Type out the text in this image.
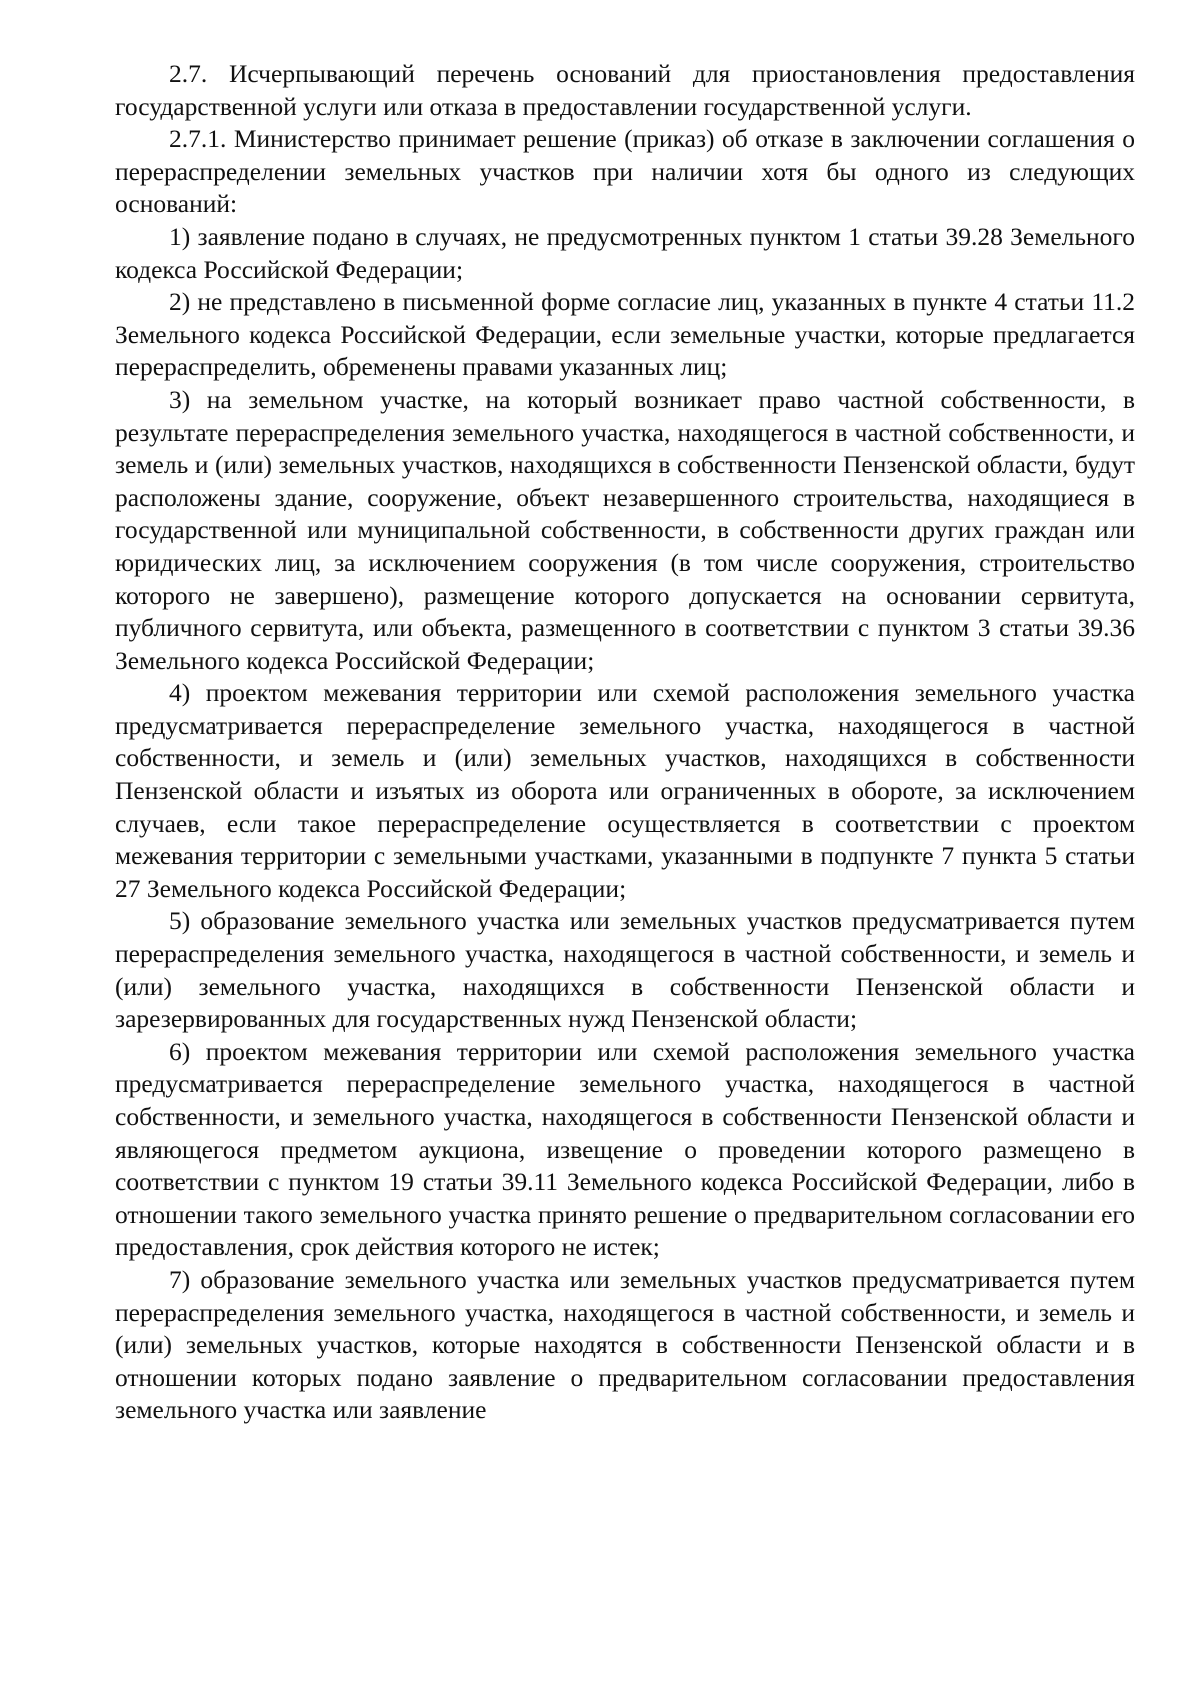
2.7. Исчерпывающий перечень оснований для приостановления предоставления государственной услуги или отказа в предоставлении государственной услуги.

2.7.1. Министерство принимает решение (приказ) об отказе в заключении соглашения о перераспределении земельных участков при наличии хотя бы одного из следующих оснований:

1) заявление подано в случаях, не предусмотренных пунктом 1 статьи 39.28 Земельного кодекса Российской Федерации;

2) не представлено в письменной форме согласие лиц, указанных в пункте 4 статьи 11.2 Земельного кодекса Российской Федерации, если земельные участки, которые предлагается перераспределить, обременены правами указанных лиц;

3) на земельном участке, на который возникает право частной собственности, в результате перераспределения земельного участка, находящегося в частной собственности, и земель и (или) земельных участков, находящихся в собственности Пензенской области, будут расположены здание, сооружение, объект незавершенного строительства, находящиеся в государственной или муниципальной собственности, в собственности других граждан или юридических лиц, за исключением сооружения (в том числе сооружения, строительство которого не завершено), размещение которого допускается на основании сервитута, публичного сервитута, или объекта, размещенного в соответствии с пунктом 3 статьи 39.36 Земельного кодекса Российской Федерации;

4) проектом межевания территории или схемой расположения земельного участка предусматривается перераспределение земельного участка, находящегося в частной собственности, и земель и (или) земельных участков, находящихся в собственности Пензенской области и изъятых из оборота или ограниченных в обороте, за исключением случаев, если такое перераспределение осуществляется в соответствии с проектом межевания территории с земельными участками, указанными в подпункте 7 пункта 5 статьи 27 Земельного кодекса Российской Федерации;

5) образование земельного участка или земельных участков предусматривается путем перераспределения земельного участка, находящегося в частной собственности, и земель и (или) земельного участка, находящихся в собственности Пензенской области и зарезервированных для государственных нужд Пензенской области;

6) проектом межевания территории или схемой расположения земельного участка предусматривается перераспределение земельного участка, находящегося в частной собственности, и земельного участка, находящегося в собственности Пензенской области и являющегося предметом аукциона, извещение о проведении которого размещено в соответствии с пунктом 19 статьи 39.11 Земельного кодекса Российской Федерации, либо в отношении такого земельного участка принято решение о предварительном согласовании его предоставления, срок действия которого не истек;

7) образование земельного участка или земельных участков предусматривается путем перераспределения земельного участка, находящегося в частной собственности, и земель и (или) земельных участков, которые находятся в собственности Пензенской области и в отношении которых подано заявление о предварительном согласовании предоставления земельного участка или заявление
